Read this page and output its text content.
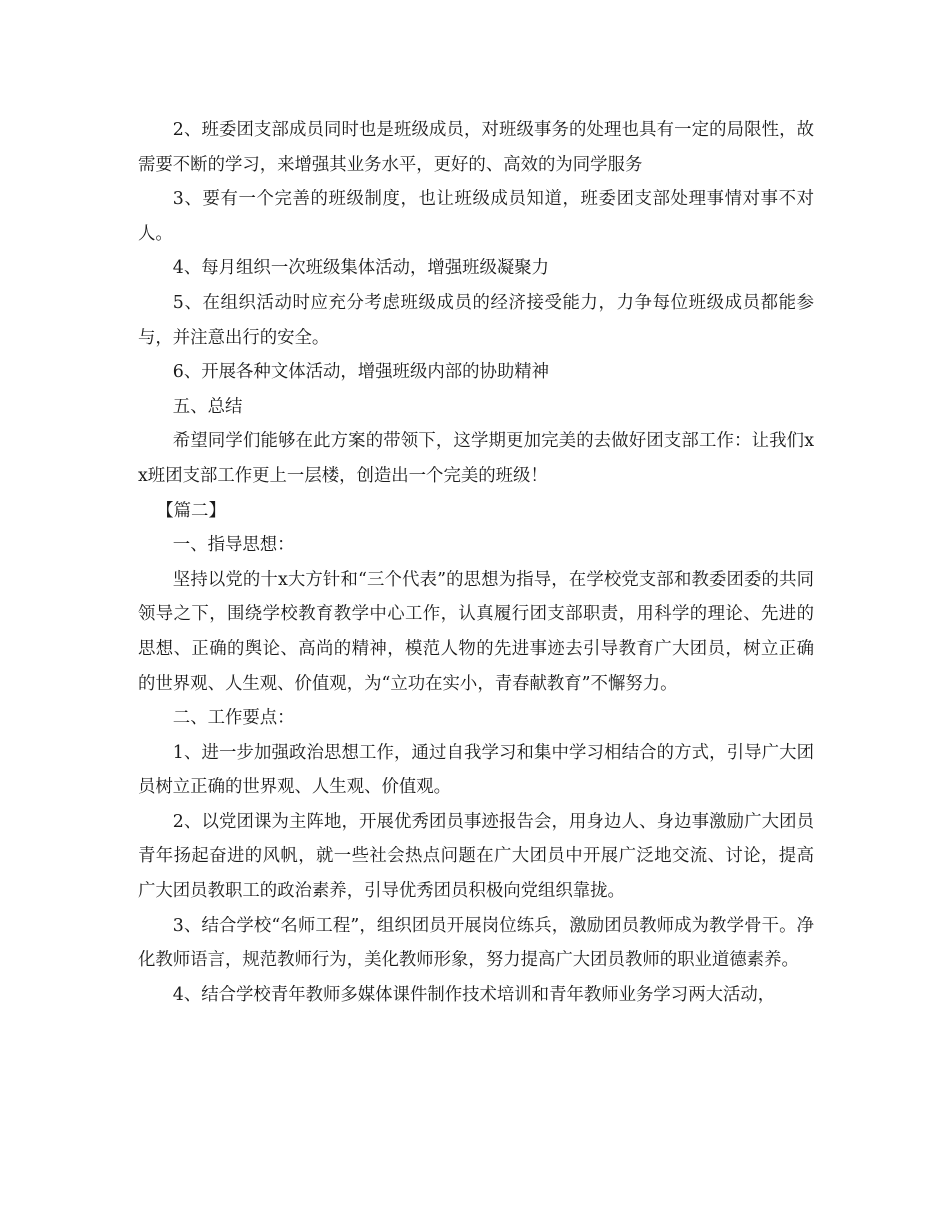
2、班委团支部成员同时也是班级成员，对班级事务的处理也具有一定的局限性，故需要不断的学习，来增强其业务水平，更好的、高效的为同学服务

3、要有一个完善的班级制度，也让班级成员知道，班委团支部处理事情对事不对人。

4、每月组织一次班级集体活动，增强班级凝聚力

5、在组织活动时应充分考虑班级成员的经济接受能力，力争每位班级成员都能参与，并注意出行的安全。

6、开展各种文体活动，增强班级内部的协助精神

五、总结

希望同学们能够在此方案的带领下，这学期更加完美的去做好团支部工作：让我们xx班团支部工作更上一层楼，创造出一个完美的班级！

【篇二】

一、指导思想：

坚持以党的十x大方针和“三个代表”的思想为指导，在学校党支部和教委团委的共同领导之下，围绕学校教育教学中心工作，认真履行团支部职责，用科学的理论、先进的思想、正确的舆论、高尚的精神，模范人物的先进事迹去引导教育广大团员，树立正确的世界观、人生观、价值观，为“立功在实小，青春献教育”不懈努力。

二、工作要点：

1、进一步加强政治思想工作，通过自我学习和集中学习相结合的方式，引导广大团员树立正确的世界观、人生观、价值观。

2、以党团课为主阵地，开展优秀团员事迹报告会，用身边人、身边事激励广大团员青年扬起奋进的风帆，就一些社会热点问题在广大团员中开展广泛地交流、讨论，提高广大团员教职工的政治素养，引导优秀团员积极向党组织靠拢。

3、结合学校“名师工程”，组织团员开展岗位练兵，激励团员教师成为教学骨干。净化教师语言，规范教师行为，美化教师形象，努力提高广大团员教师的职业道德素养。

4、结合学校青年教师多媒体课件制作技术培训和青年教师业务学习两大活动，
